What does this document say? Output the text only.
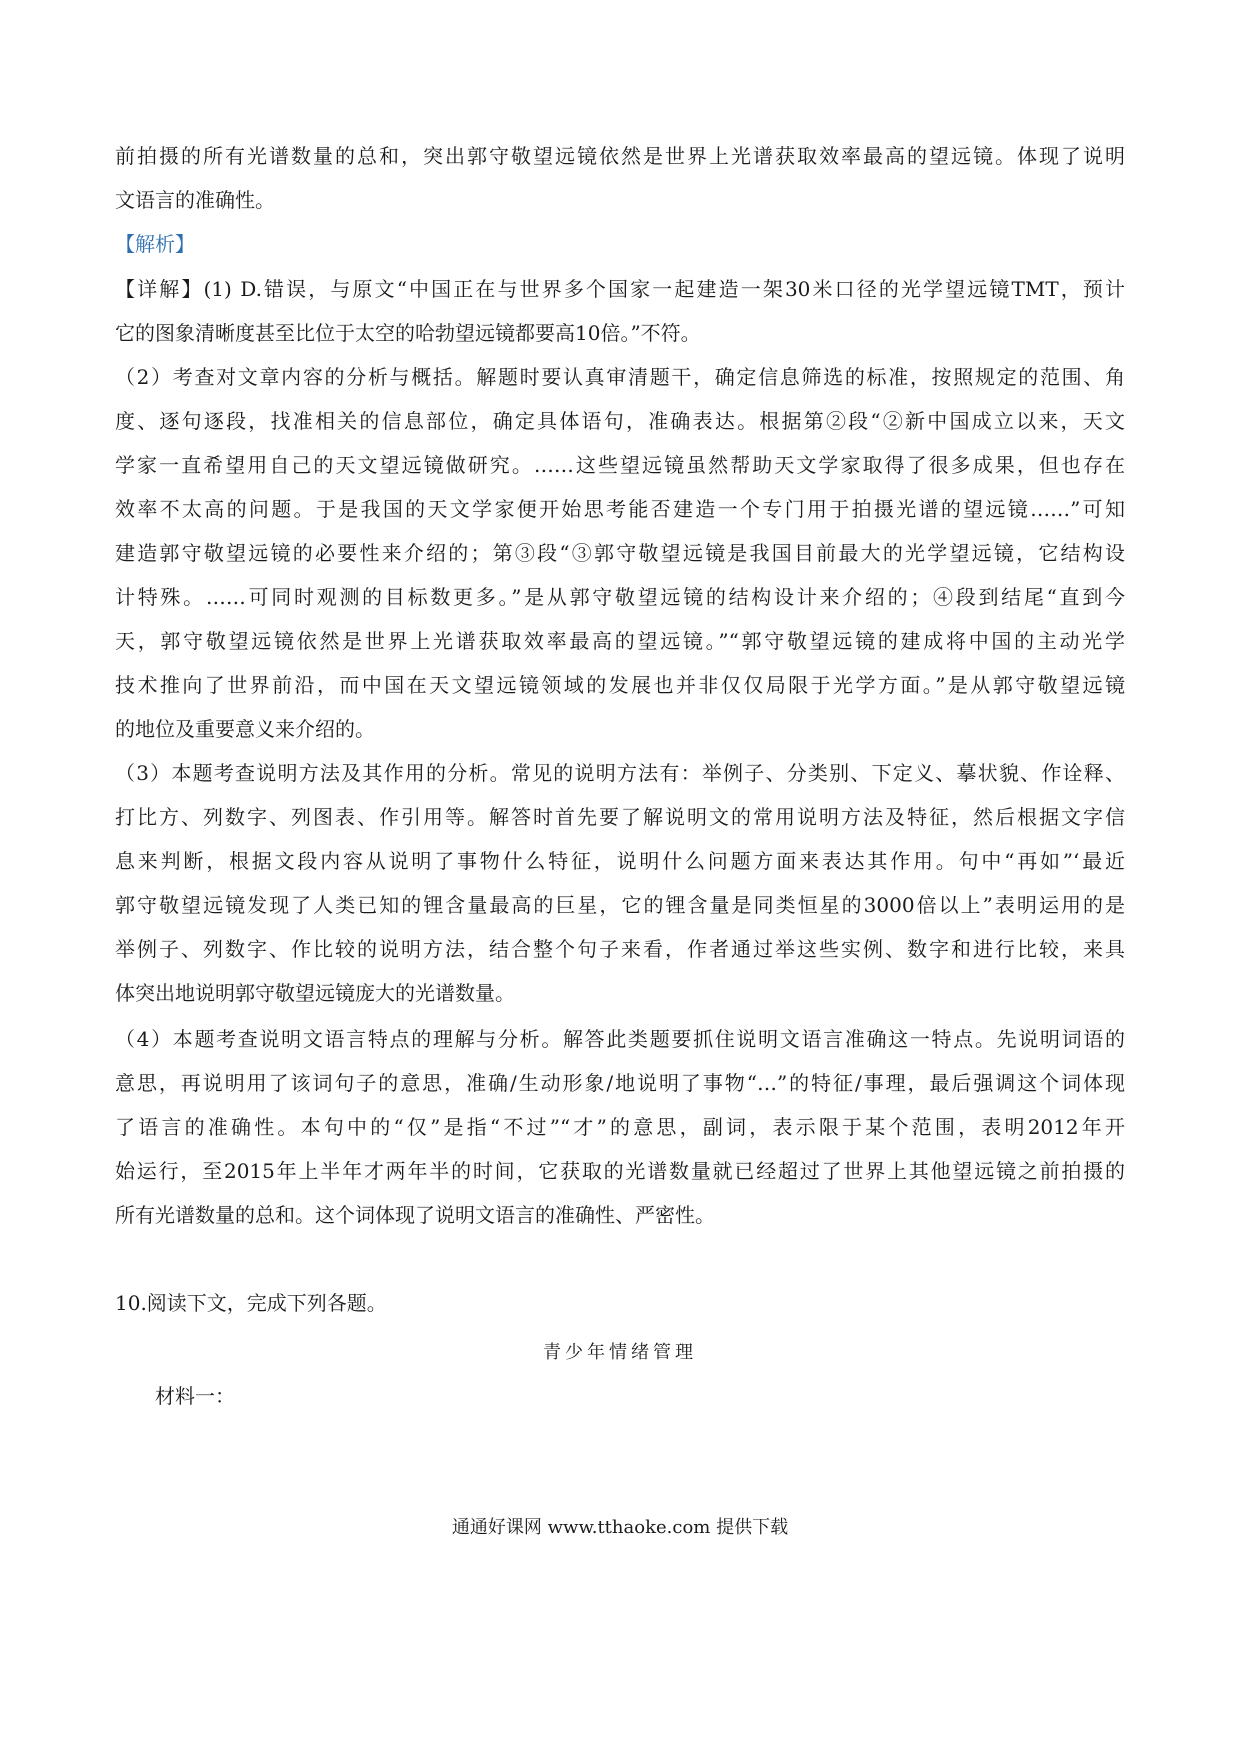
前拍摄的所有光谱数量的总和，突出郭守敬望远镜依然是世界上光谱获取效率最高的望远镜。体现了说明

文语言的准确性。

【解析】

【详解】(1) D.错误，与原文“中国正在与世界多个国家一起建造一架30米口径的光学望远镜TMT，预计

它的图象清晰度甚至比位于太空的哈勃望远镜都要高10倍。”不符。

（2）考查对文章内容的分析与概括。解题时要认真审清题干，确定信息筛选的标准，按照规定的范围、角

度、逐句逐段，找准相关的信息部位，确定具体语句，准确表达。根据第②段“②新中国成立以来，天文

学家一直希望用自己的天文望远镜做研究。……这些望远镜虽然帮助天文学家取得了很多成果，但也存在

效率不太高的问题。于是我国的天文学家便开始思考能否建造一个专门用于拍摄光谱的望远镜……”可知

建造郭守敬望远镜的必要性来介绍的；第③段“③郭守敬望远镜是我国目前最大的光学望远镜，它结构设

计特殊。……可同时观测的目标数更多。”是从郭守敬望远镜的结构设计来介绍的；④段到结尾“直到今

天，郭守敬望远镜依然是世界上光谱获取效率最高的望远镜。”“郭守敬望远镜的建成将中国的主动光学

技术推向了世界前沿，而中国在天文望远镜领域的发展也并非仅仅局限于光学方面。”是从郭守敬望远镜

的地位及重要意义来介绍的。

（3）本题考查说明方法及其作用的分析。常见的说明方法有：举例子、分类别、下定义、摹状貌、作诠释、

打比方、列数字、列图表、作引用等。解答时首先要了解说明文的常用说明方法及特征，然后根据文字信

息来判断，根据文段内容从说明了事物什么特征，说明什么问题方面来表达其作用。句中“再如”‘最近

郭守敬望远镜发现了人类已知的锂含量最高的巨星，它的锂含量是同类恒星的3000倍以上”表明运用的是

举例子、列数字、作比较的说明方法，结合整个句子来看，作者通过举这些实例、数字和进行比较，来具

体突出地说明郭守敬望远镜庞大的光谱数量。

（4）本题考查说明文语言特点的理解与分析。解答此类题要抓住说明文语言准确这一特点。先说明词语的

意思，再说明用了该词句子的意思，准确/生动形象/地说明了事物“…”的特征/事理，最后强调这个词体现

了语言的准确性。本句中的“仅”是指“不过”“才”的意思，副词，表示限于某个范围，表明2012年开

始运行，至2015年上半年才两年半的时间，它获取的光谱数量就已经超过了世界上其他望远镜之前拍摄的

所有光谱数量的总和。这个词体现了说明文语言的准确性、严密性。

10.阅读下文，完成下列各题。

青少年情绪管理

材料一：

通通好课网 www.tthaoke.com 提供下载
